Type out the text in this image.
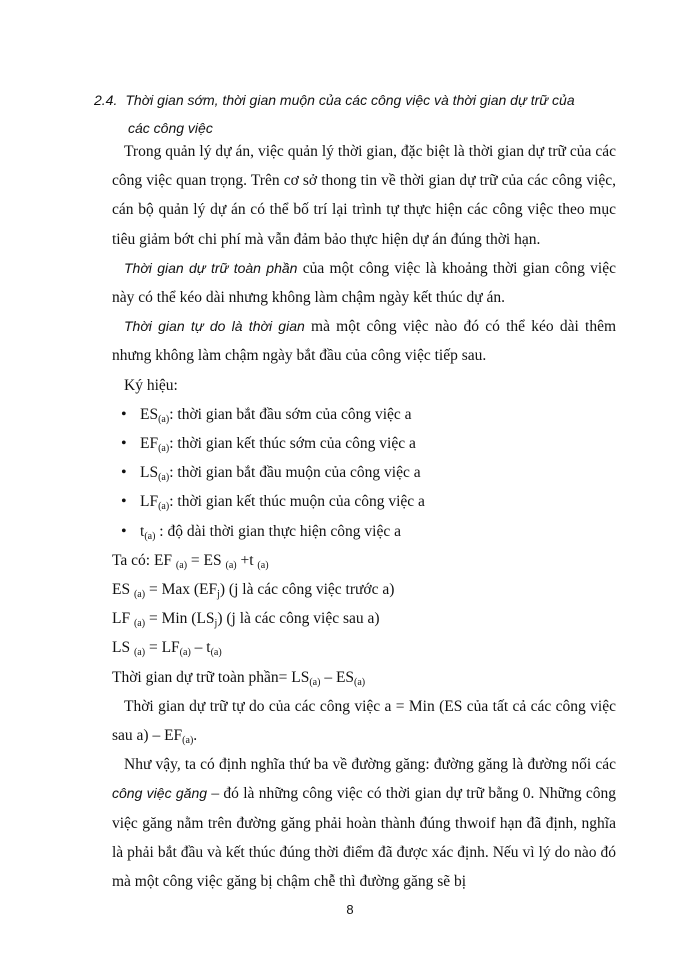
2.4. Thời gian sớm, thời gian muộn của các công việc và thời gian dự trữ của
các công việc

Trong quản lý dự án, việc quản lý thời gian, đặc biệt là thời gian dự trữ của các công việc quan trọng. Trên cơ sở thong tin về thời gian dự trữ của các công việc, cán bộ quản lý dự án có thể bố trí lại trình tự thực hiện các công việc theo mục tiêu giảm bớt chi phí mà vẫn đảm bảo thực hiện dự án đúng thời hạn.

Thời gian dự trữ toàn phần của một công việc là khoảng thời gian công việc này có thể kéo dài nhưng không làm chậm ngày kết thúc dự án.

Thời gian tự do là thời gian mà một công việc nào đó có thể kéo dài thêm nhưng không làm chậm ngày bắt đầu của công việc tiếp sau.

Ký hiệu:

• $ES_{(a)}$: thời gian bắt đầu sớm của công việc a
• $EF_{(a)}$: thời gian kết thúc sớm của công việc a
• $LS_{(a)}$: thời gian bắt đầu muộn của công việc a
• $LF_{(a)}$: thời gian kết thúc muộn của công việc a
• $t_{(a)}$ : độ dài thời gian thực hiện công việc a

Ta có: EF $_{(a)}$ = ES $_{(a)}$ +t $_{(a)}$

ES $_{(a)}$ = Max $(EF_j)$ (j là các công việc trước a)

LF $_{(a)}$ = Min $(LS_j)$ (j là các công việc sau a)

LS $_{(a)} = LF_{(a)} - t_{(a)}$

Thời gian dự trữ toàn phần= $LS_{(a)} - ES_{(a)}$

Thời gian dự trữ tự do của các công việc a = Min (ES của tất cả các công việc sau $a) - EF_{(a)}$.

Như vậy, ta có định nghĩa thứ ba về đường găng: đường găng là đường nối các công việc găng – đó là những công việc có thời gian dự trữ bằng 0. Những công việc găng nằm trên đường găng phải hoàn thành đúng thwoif hạn đã định, nghĩa là phải bắt đầu và kết thúc đúng thời điểm đã được xác định. Nếu vì lý do nào đó mà một công việc găng bị chậm chễ thì đường găng sẽ bị

8
